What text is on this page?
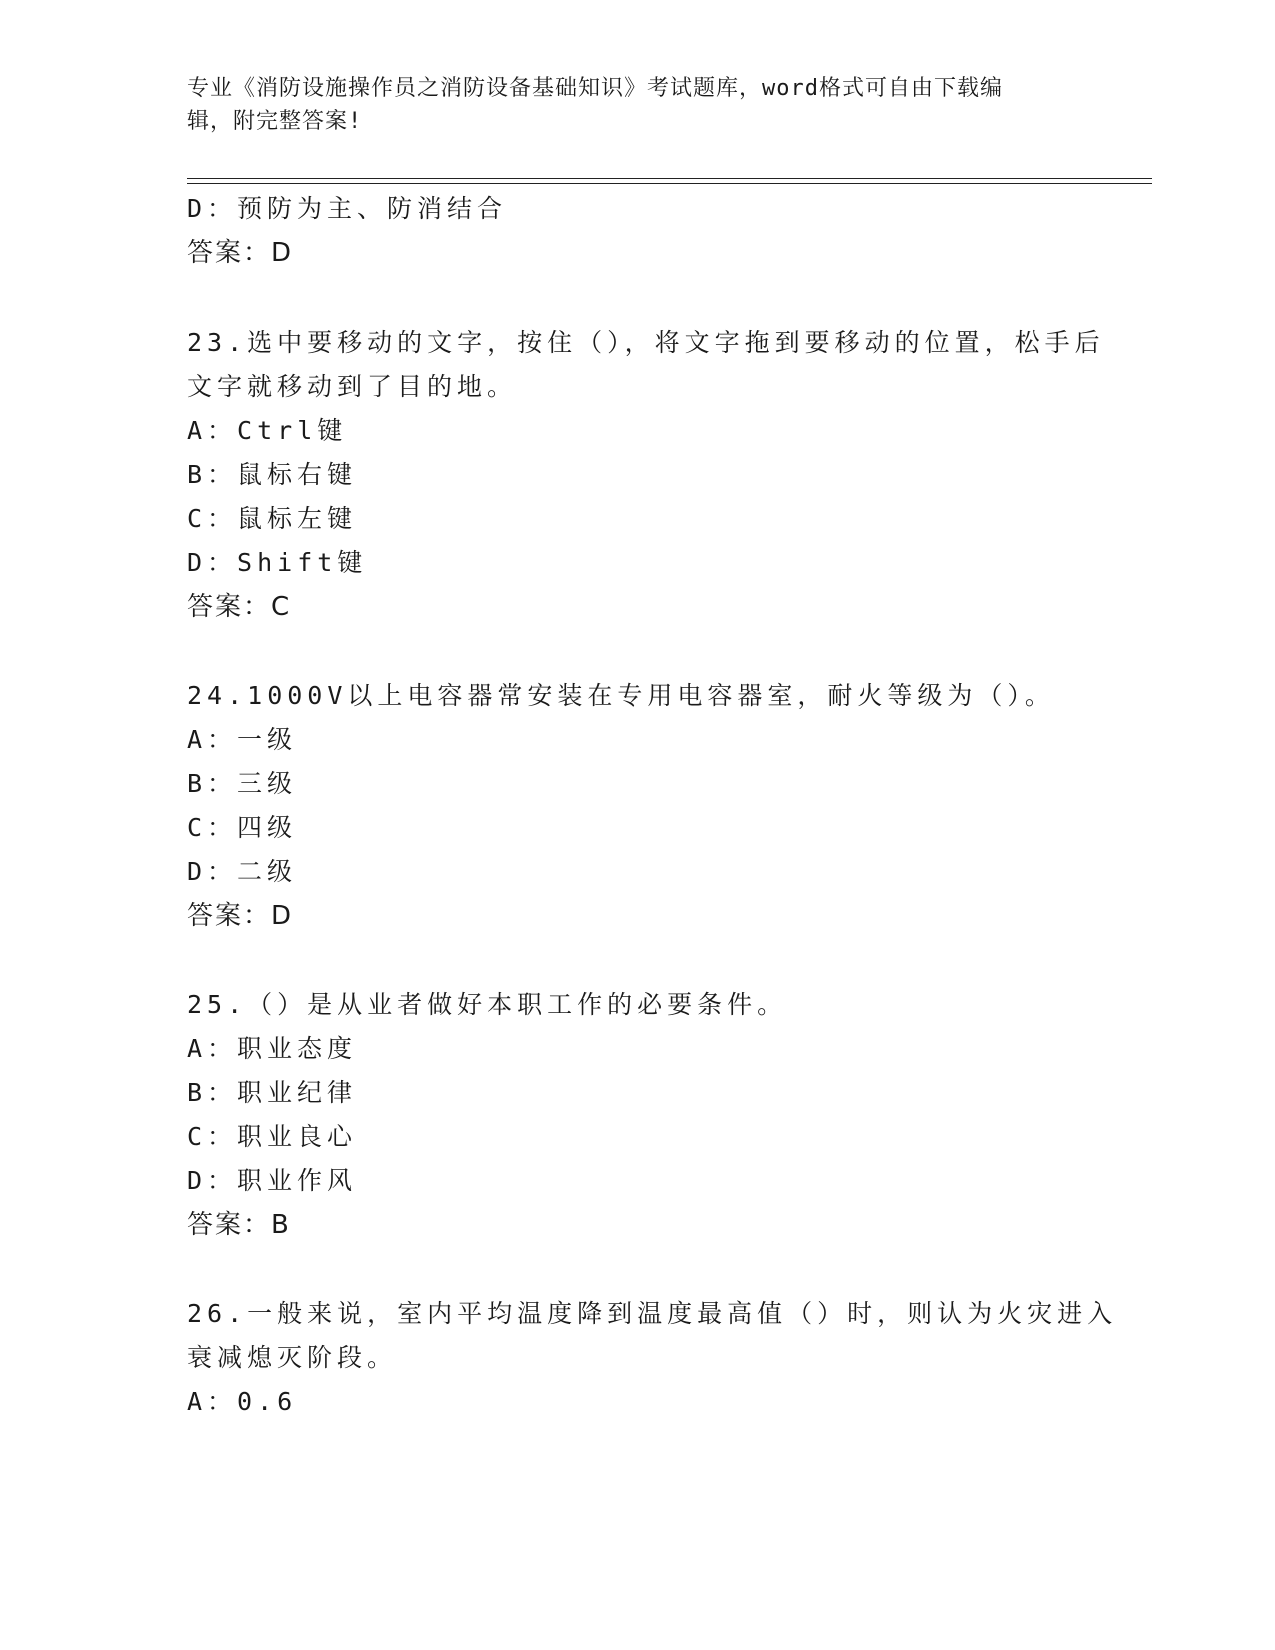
专业《消防设施操作员之消防设备基础知识》考试题库，word格式可自由下载编
辑，附完整答案!
D：预防为主、防消结合
答案：D
23.选中要移动的文字，按住（），将文字拖到要移动的位置，松手后
文字就移动到了目的地。
A：Ctrl键
B：鼠标右键
C：鼠标左键
D：Shift键
答案：C
24.1000V以上电容器常安装在专用电容器室，耐火等级为（）。
A：一级
B：三级
C：四级
D：二级
答案：D
25.（）是从业者做好本职工作的必要条件。
A：职业态度
B：职业纪律
C：职业良心
D：职业作风
答案：B
26.一般来说，室内平均温度降到温度最高值（）时，则认为火灾进入
衰减熄灭阶段。
A：0.6
